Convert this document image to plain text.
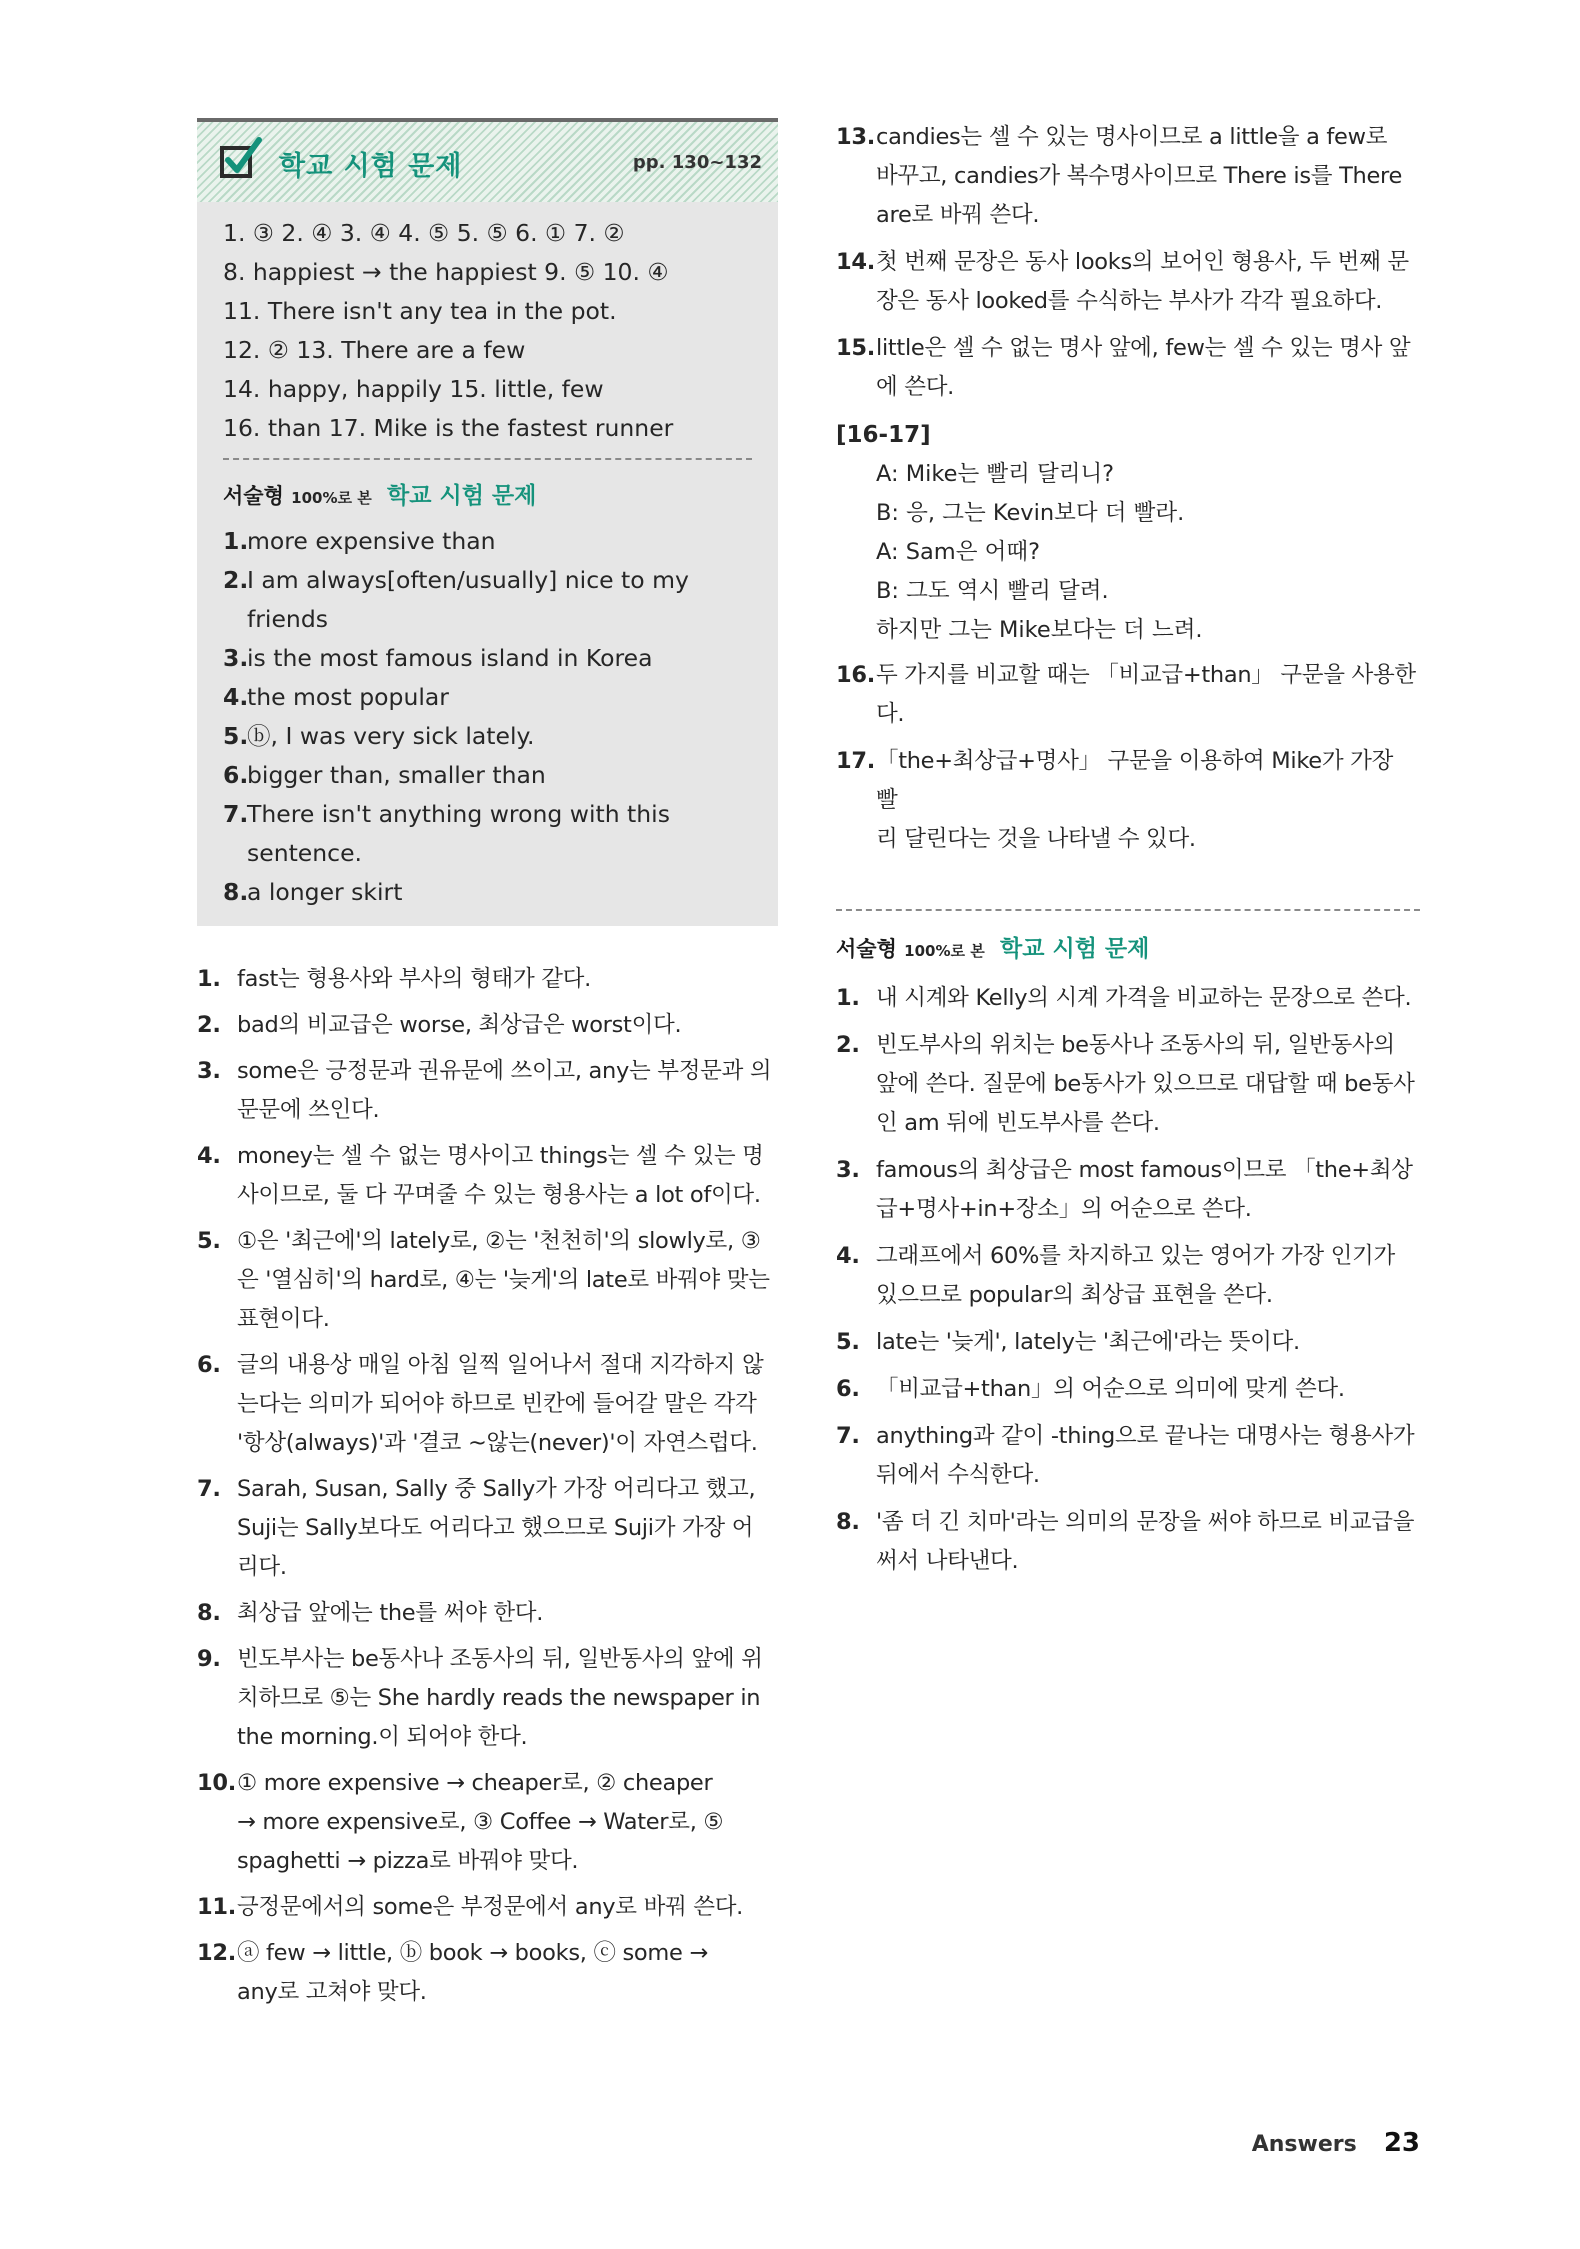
학교 시험 문제	pp. 130~132
1. ③ 2. ④ 3. ④ 4. ⑤ 5. ⑤ 6. ① 7. ②
8. happiest → the happiest 9. ⑤ 10. ④
11. There isn't any tea in the pot.
12. ② 13. There are a few
14. happy, happily 15. little, few
16. than 17. Mike is the fastest runner
서술형 100%로 본 학교 시험 문제
1.
more expensive than
2.
I am always[often/usually] nice to my
friends
3.
is the most famous island in Korea
4.
the most popular
5.
ⓑ, I was very sick lately.
6.
bigger than, smaller than
7.
There isn't anything wrong with this
sentence.
8.
a longer skirt
1. fast는 형용사와 부사의 형태가 같다.
2. bad의 비교급은 worse, 최상급은 worst이다.
3. some은 긍정문과 권유문에 쓰이고, any는 부정문과 의
문문에 쓰인다.
4. money는 셀 수 없는 명사이고 things는 셀 수 있는 명
사이므로, 둘 다 꾸며줄 수 있는 형용사는 a lot of이다.
5. ①은 '최근에'의 lately로, ②는 '천천히'의 slowly로, ③
은 '열심히'의 hard로, ④는 '늦게'의 late로 바꿔야 맞는
표현이다.
6. 글의 내용상 매일 아침 일찍 일어나서 절대 지각하지 않
는다는 의미가 되어야 하므로 빈칸에 들어갈 말은 각각
'항상(always)'과 '결코 ~않는(never)'이 자연스럽다.
7. Sarah, Susan, Sally 중 Sally가 가장 어리다고 했고,
Suji는 Sally보다도 어리다고 했으므로 Suji가 가장 어
리다.
8. 최상급 앞에는 the를 써야 한다.
9. 빈도부사는 be동사나 조동사의 뒤, 일반동사의 앞에 위
치하므로 ⑤는 She hardly reads the newspaper in
the morning.이 되어야 한다.
10. ① more expensive → cheaper로, ② cheaper
→ more expensive로, ③ Coffee → Water로, ⑤
spaghetti → pizza로 바꿔야 맞다.
11. 긍정문에서의 some은 부정문에서 any로 바꿔 쓴다.
12. ⓐ few → little, ⓑ book → books, ⓒ some →
any로 고쳐야 맞다.
13. candies는 셀 수 있는 명사이므로 a little을 a few로
바꾸고, candies가 복수명사이므로 There is를 There
are로 바꿔 쓴다.
14. 첫 번째 문장은 동사 looks의 보어인 형용사, 두 번째 문
장은 동사 looked를 수식하는 부사가 각각 필요하다.
15. little은 셀 수 없는 명사 앞에, few는 셀 수 있는 명사 앞
에 쓴다.
[16-17]
A: Mike는 빨리 달리니?
B: 응, 그는 Kevin보다 더 빨라.
A: Sam은 어때?
B: 그도 역시 빨리 달려.
하지만 그는 Mike보다는 더 느려.
16. 두 가지를 비교할 때는 「비교급+than」 구문을 사용한
다.
17. 「the+최상급+명사」 구문을 이용하여 Mike가 가장 빨
리 달린다는 것을 나타낼 수 있다.
서술형 100%로 본 학교 시험 문제
1. 내 시계와 Kelly의 시계 가격을 비교하는 문장으로 쓴다.
2. 빈도부사의 위치는 be동사나 조동사의 뒤, 일반동사의
앞에 쓴다. 질문에 be동사가 있으므로 대답할 때 be동사
인 am 뒤에 빈도부사를 쓴다.
3. famous의 최상급은 most famous이므로 「the+최상
급+명사+in+장소」의 어순으로 쓴다.
4. 그래프에서 60%를 차지하고 있는 영어가 가장 인기가
있으므로 popular의 최상급 표현을 쓴다.
5. late는 '늦게', lately는 '최근에'라는 뜻이다.
6. 「비교급+than」의 어순으로 의미에 맞게 쓴다.
7. anything과 같이 -thing으로 끝나는 대명사는 형용사가
뒤에서 수식한다.
8. '좀 더 긴 치마'라는 의미의 문장을 써야 하므로 비교급을
써서 나타낸다.
Answers 23
